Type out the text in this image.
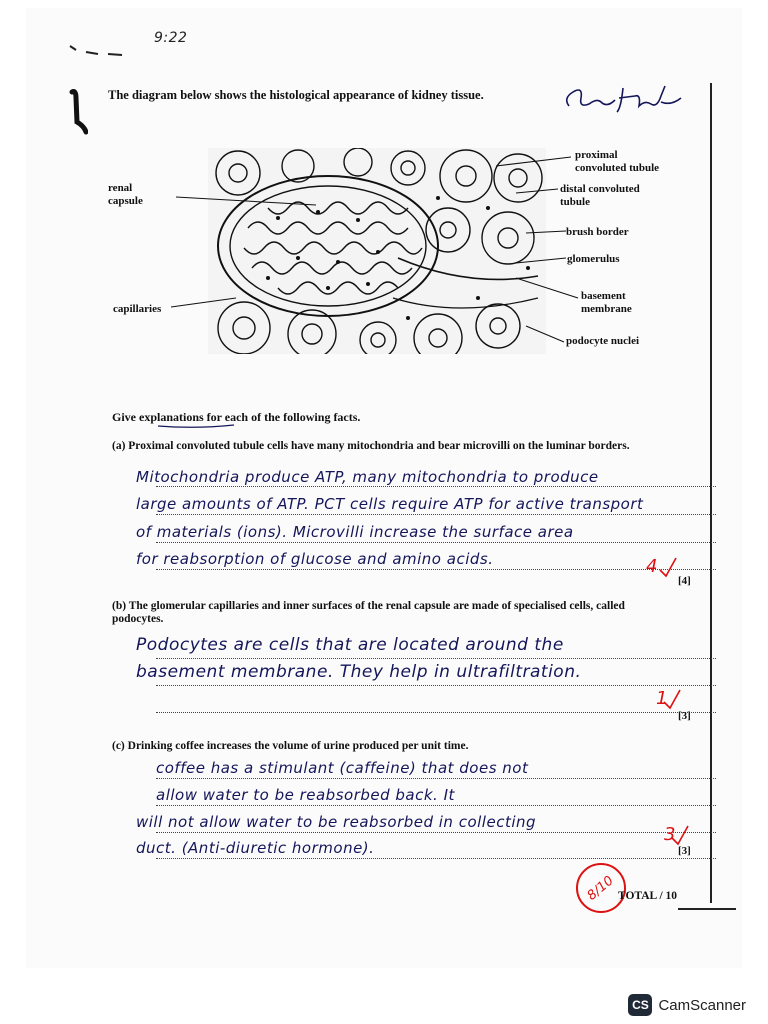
9:22
The diagram below shows the histological appearance of kidney tissue.
renal
capsule
capillaries
proximal
convoluted tubule
distal convoluted
tubule
brush border
glomerulus
basement
membrane
podocyte nuclei
Give explanations for each of the following facts.
(a) Proximal convoluted tubule cells have many mitochondria and bear microvilli on the luminar borders.
Mitochondria produce ATP, many mitochondria to produce
large amounts of ATP. PCT cells require ATP for active transport
of materials (ions). Microvilli increase the surface area
for reabsorption of glucose and amino acids.	4
[4]
(b) The glomerular capillaries and inner surfaces of the renal capsule are made of specialised cells, called podocytes.
Podocytes are cells that are located around the
basement membrane. They help in ultrafiltration.
1
[3]
(c) Drinking coffee increases the volume of urine produced per unit time.
coffee has a stimulant (caffeine) that does not
allow water to be reabsorbed back. It
will not allow water to be reabsorbed in collecting
duct. (Anti-diuretic hormone).
3
[3]
8/10 TOTAL / 10
CS CamScanner
